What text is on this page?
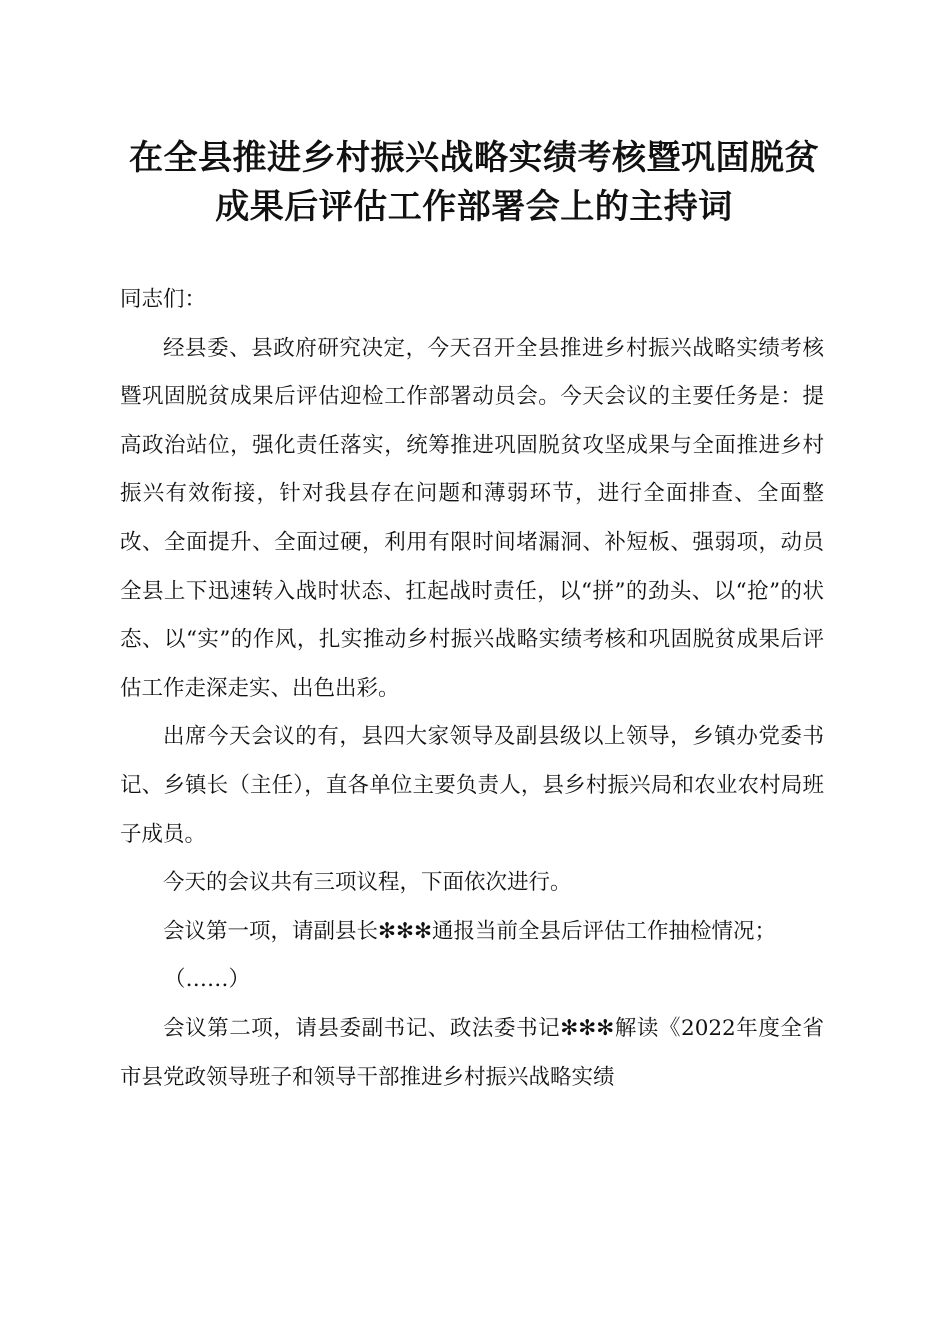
在全县推进乡村振兴战略实绩考核暨巩固脱贫
成果后评估工作部署会上的主持词

同志们：

经县委、县政府研究决定，今天召开全县推进乡村振兴战略实绩考核暨巩固脱贫成果后评估迎检工作部署动员会。今天会议的主要任务是：提高政治站位，强化责任落实，统筹推进巩固脱贫攻坚成果与全面推进乡村振兴有效衔接，针对我县存在问题和薄弱环节，进行全面排查、全面整改、全面提升、全面过硬，利用有限时间堵漏洞、补短板、强弱项，动员全县上下迅速转入战时状态、扛起战时责任，以“拼”的劲头、以“抢”的状态、以“实”的作风，扎实推动乡村振兴战略实绩考核和巩固脱贫成果后评估工作走深走实、出色出彩。

出席今天会议的有，县四大家领导及副县级以上领导，乡镇办党委书记、乡镇长（主任），直各单位主要负责人，县乡村振兴局和农业农村局班子成员。

今天的会议共有三项议程，下面依次进行。

会议第一项，请副县长✻✻✻通报当前全县后评估工作抽检情况；

（……）

会议第二项，请县委副书记、政法委书记✻✻✻解读《2022年度全省市县党政领导班子和领导干部推进乡村振兴战略实绩
